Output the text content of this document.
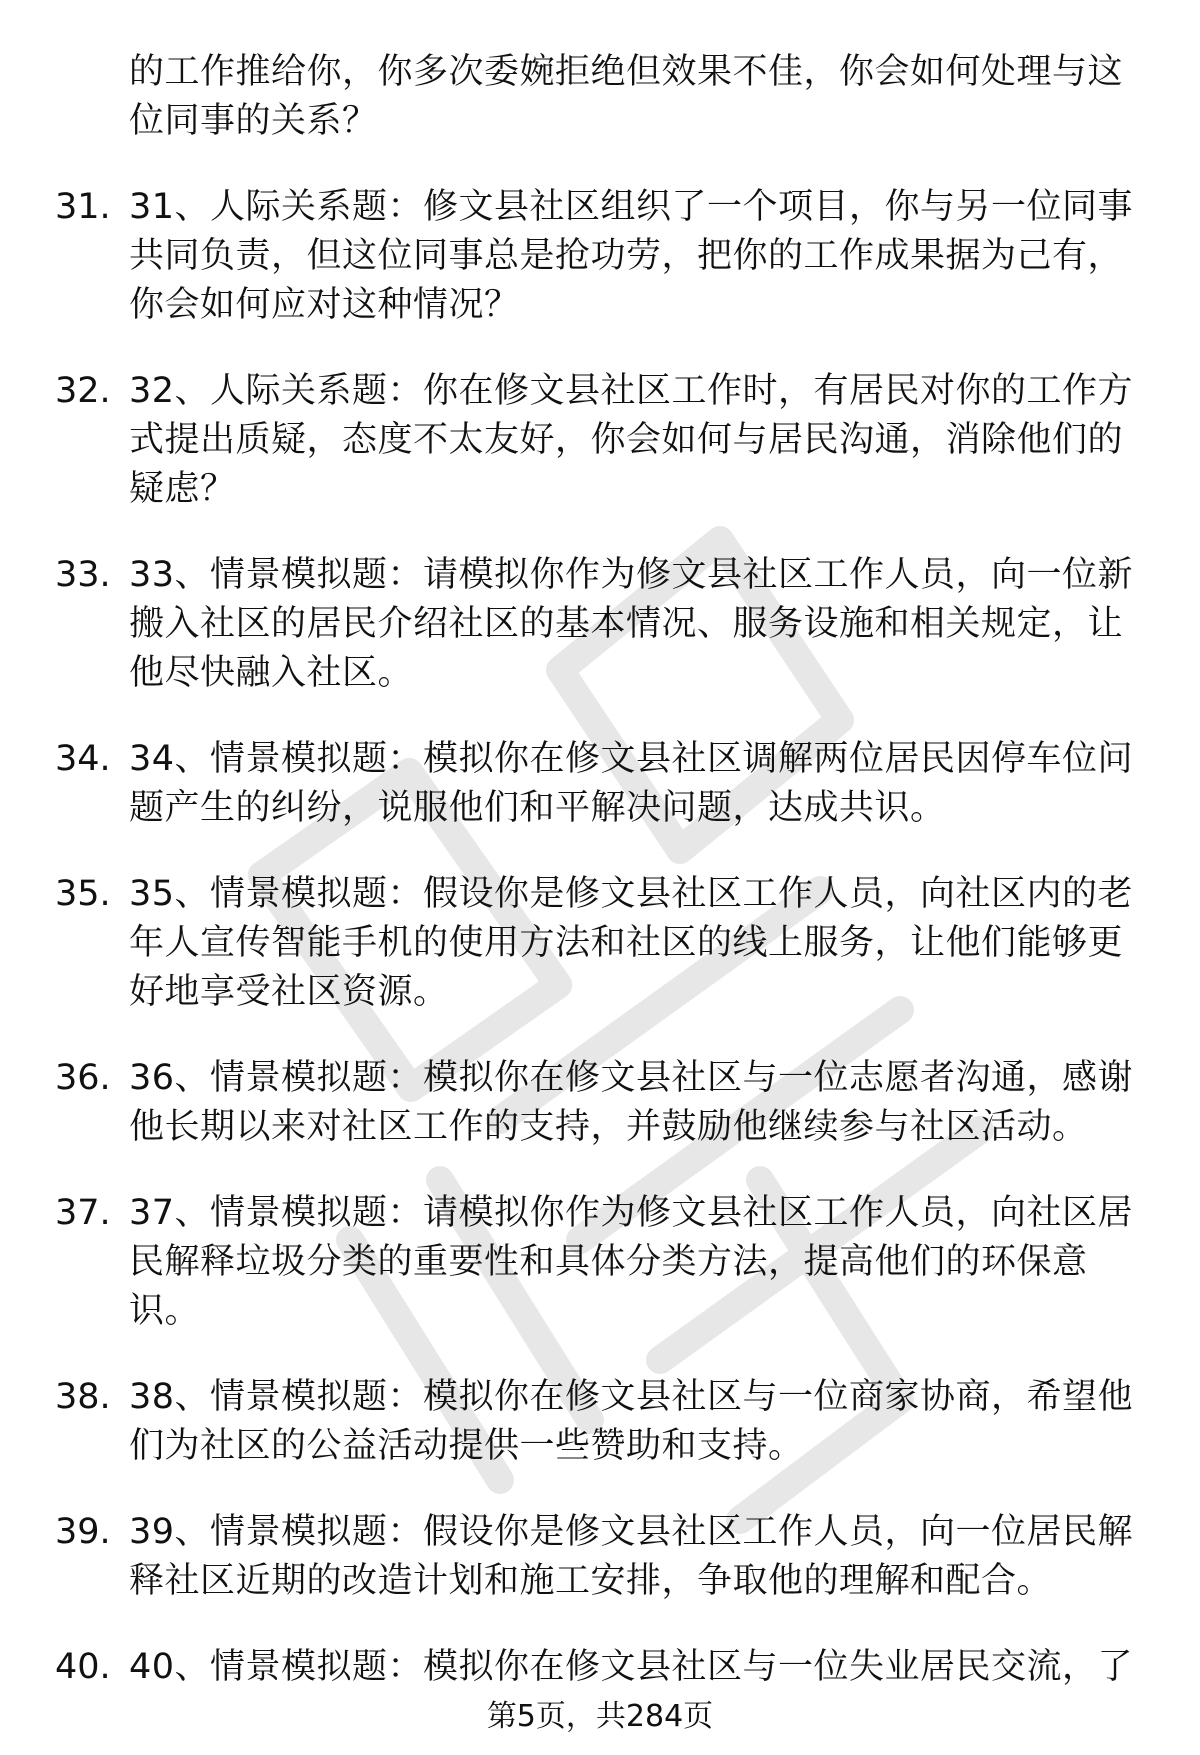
的工作推给你，你多次委婉拒绝但效果不佳，你会如何处理与这
位同事的关系？
31. 31、人际关系题：修文县社区组织了一个项目，你与另一位同事
共同负责，但这位同事总是抢功劳，把你的工作成果据为己有，
你会如何应对这种情况？
32. 32、人际关系题：你在修文县社区工作时，有居民对你的工作方
式提出质疑，态度不太友好，你会如何与居民沟通，消除他们的
疑虑？
33. 33、情景模拟题：请模拟你作为修文县社区工作人员，向一位新
搬入社区的居民介绍社区的基本情况、服务设施和相关规定，让
他尽快融入社区。
34. 34、情景模拟题：模拟你在修文县社区调解两位居民因停车位问
题产生的纠纷，说服他们和平解决问题，达成共识。
35. 35、情景模拟题：假设你是修文县社区工作人员，向社区内的老
年人宣传智能手机的使用方法和社区的线上服务，让他们能够更
好地享受社区资源。
36. 36、情景模拟题：模拟你在修文县社区与一位志愿者沟通，感谢
他长期以来对社区工作的支持，并鼓励他继续参与社区活动。
37. 37、情景模拟题：请模拟你作为修文县社区工作人员，向社区居
民解释垃圾分类的重要性和具体分类方法，提高他们的环保意
识。
38. 38、情景模拟题：模拟你在修文县社区与一位商家协商，希望他
们为社区的公益活动提供一些赞助和支持。
39. 39、情景模拟题：假设你是修文县社区工作人员，向一位居民解
释社区近期的改造计划和施工安排，争取他的理解和配合。
40. 40、情景模拟题：模拟你在修文县社区与一位失业居民交流，了
第5页，共284页
